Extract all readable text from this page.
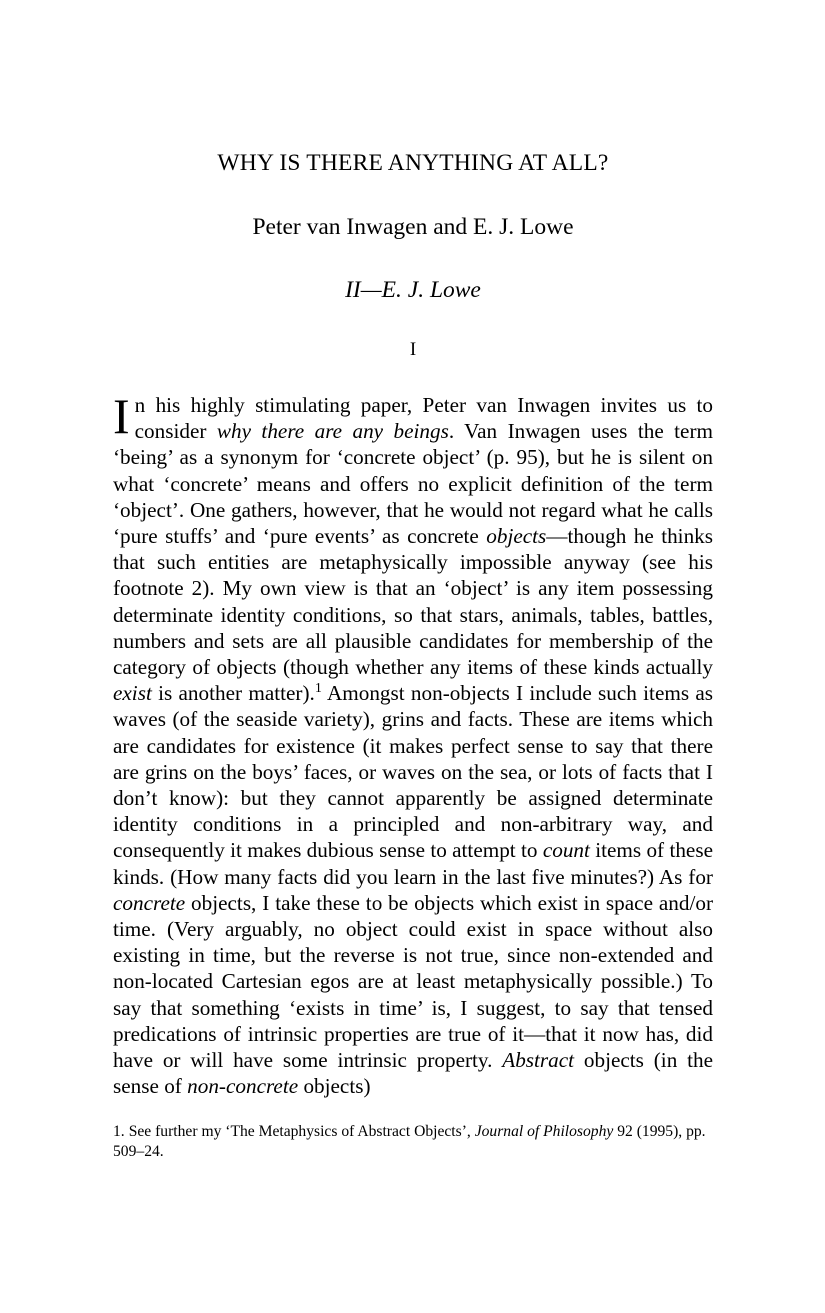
WHY IS THERE ANYTHING AT ALL?

Peter van Inwagen and E. J. Lowe

II—E. J. Lowe

I

In his highly stimulating paper, Peter van Inwagen invites us to consider why there are any beings. Van Inwagen uses the term ‘being’ as a synonym for ‘concrete object’ (p. 95), but he is silent on what ‘concrete’ means and offers no explicit definition of the term ‘object’. One gathers, however, that he would not regard what he calls ‘pure stuffs’ and ‘pure events’ as concrete objects—though he thinks that such entities are metaphysically impossible anyway (see his footnote 2). My own view is that an ‘object’ is any item possessing determinate identity conditions, so that stars, animals, tables, battles, numbers and sets are all plausible candidates for membership of the category of objects (though whether any items of these kinds actually exist is another matter).$^1$ Amongst non-objects I include such items as waves (of the seaside variety), grins and facts. These are items which are candidates for existence (it makes perfect sense to say that there are grins on the boys’ faces, or waves on the sea, or lots of facts that I don’t know): but they cannot apparently be assigned determinate identity conditions in a principled and non-arbitrary way, and consequently it makes dubious sense to attempt to count items of these kinds. (How many facts did you learn in the last five minutes?) As for concrete objects, I take these to be objects which exist in space and/or time. (Very arguably, no object could exist in space without also existing in time, but the reverse is not true, since non-extended and non-located Cartesian egos are at least metaphysically possible.) To say that something ‘exists in time’ is, I suggest, to say that tensed predications of intrinsic properties are true of it—that it now has, did have or will have some intrinsic property. Abstract objects (in the sense of non-concrete objects)

1. See further my ‘The Metaphysics of Abstract Objects’, Journal of Philosophy 92 (1995), pp. 509–24.
